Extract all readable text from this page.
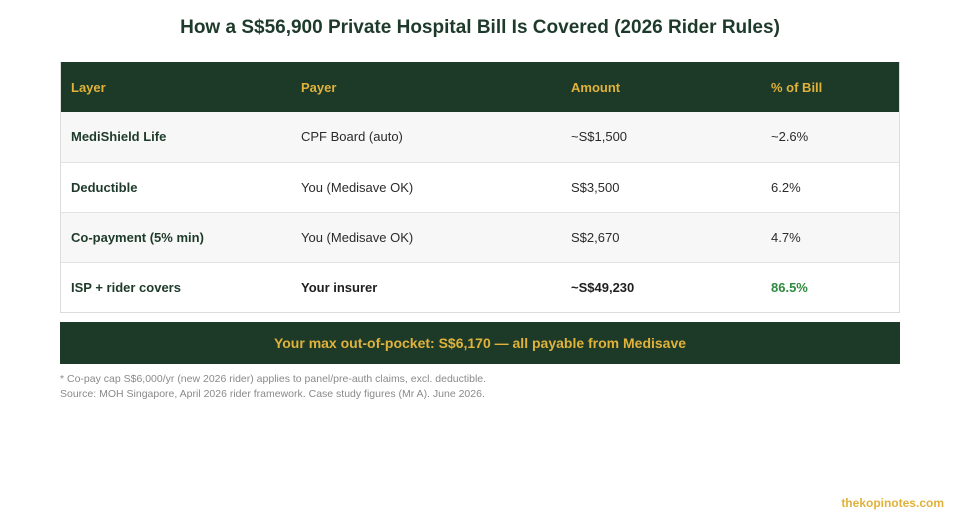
How a S$56,900 Private Hospital Bill Is Covered (2026 Rider Rules)
Layer	Payer	Amount	% of Bill
MediShield Life	CPF Board (auto)	~S$1,500	~2.6%
Deductible	You (Medisave OK)	S$3,500	6.2%
Co-payment (5% min)	You (Medisave OK)	S$2,670	4.7%
ISP + rider covers	Your insurer	~S$49,230	86.5%
Your max out-of-pocket: S$6,170 — all payable from Medisave
* Co-pay cap S$6,000/yr (new 2026 rider) applies to panel/pre-auth claims, excl. deductible.
Source: MOH Singapore, April 2026 rider framework. Case study figures (Mr A). June 2026.
thekopinotes.com
